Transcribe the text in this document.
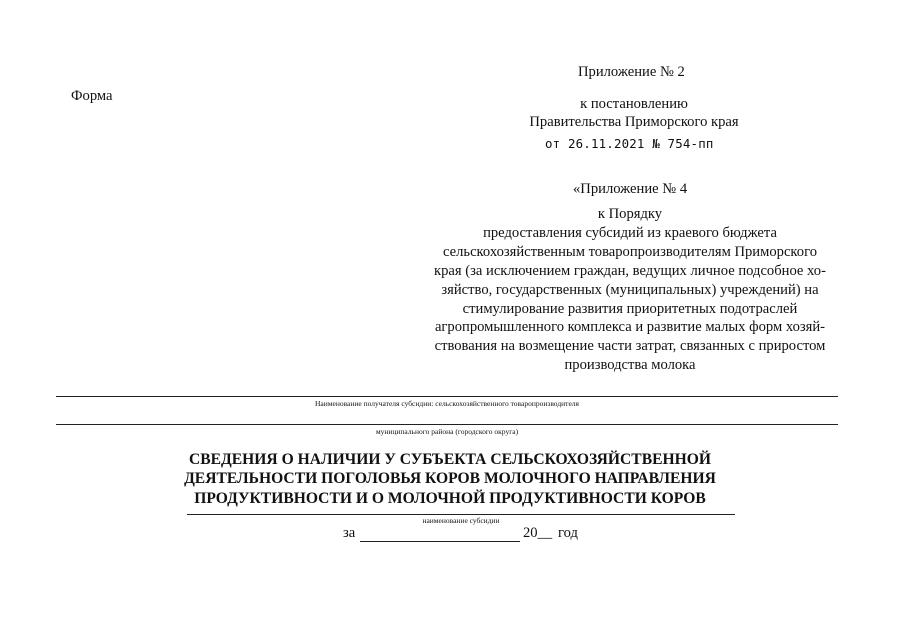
Форма
Приложение № 2
к постановлению
Правительства Приморского края
от 26.11.2021 № 754-пп
«Приложение № 4
к Порядку
предоставления субсидий из краевого бюджета
сельскохозяйственным товаропроизводителям Приморского
края (за исключением граждан, ведущих личное подсобное хо-
зяйство, государственных (муниципальных) учреждений) на
стимулирование развития приоритетных подотраслей
агропромышленного комплекса и развитие малых форм хозяй-
ствования на возмещение части затрат, связанных с приростом
производства молока
Наименование получателя субсидии: сельскохозяйственного товаропроизводителя
муниципального района (городского округа)
СВЕДЕНИЯ О НАЛИЧИИ У СУБЪЕКТА СЕЛЬСКОХОЗЯЙСТВЕННОЙ
ДЕЯТЕЛЬНОСТИ ПОГОЛОВЬЯ КОРОВ МОЛОЧНОГО НАПРАВЛЕНИЯ
ПРОДУКТИВНОСТИ И О МОЛОЧНОЙ ПРОДУКТИВНОСТИ КОРОВ
наименование субсидии
за	20__ год
